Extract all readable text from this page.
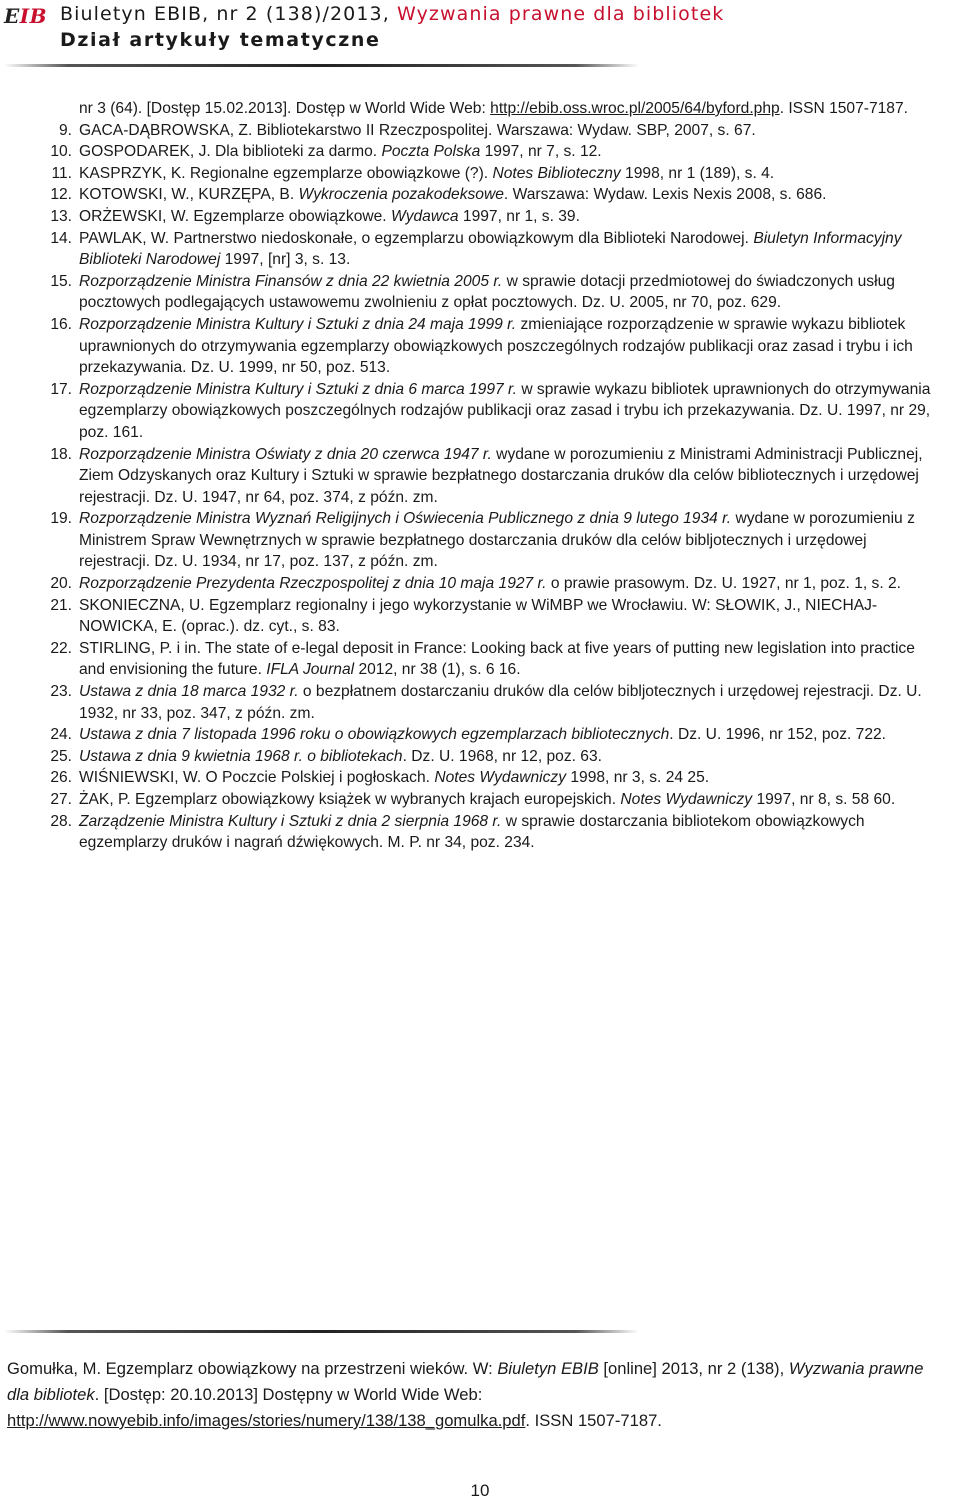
EIB Biuletyn EBIB, nr 2 (138)/2013, Wyzwania prawne dla bibliotek
Dział artykuły tematyczne
nr 3 (64). [Dostęp 15.02.2013]. Dostęp w World Wide Web: http://ebib.oss.wroc.pl/2005/64/byford.php. ISSN 1507-7187.
9. GACA-DĄBROWSKA, Z. Bibliotekarstwo II Rzeczpospolitej. Warszawa: Wydaw. SBP, 2007, s. 67.
10. GOSPODAREK, J. Dla biblioteki za darmo. Poczta Polska 1997, nr 7, s. 12.
11. KASPRZYK, K. Regionalne egzemplarze obowiązkowe (?). Notes Biblioteczny 1998, nr 1 (189), s. 4.
12. KOTOWSKI, W., KURZĘPA, B. Wykroczenia pozakodeksowe. Warszawa: Wydaw. Lexis Nexis 2008, s. 686.
13. ORŻEWSKI, W. Egzemplarze obowiązkowe. Wydawca 1997, nr 1, s. 39.
14. PAWLAK, W. Partnerstwo niedoskonałe, o egzemplarzu obowiązkowym dla Biblioteki Narodowej. Biuletyn Informacyjny Biblioteki Narodowej 1997, [nr] 3, s. 13.
15. Rozporządzenie Ministra Finansów z dnia 22 kwietnia 2005 r. w sprawie dotacji przedmiotowej do świadczonych usług pocztowych podlegających ustawowemu zwolnieniu z opłat pocztowych. Dz. U. 2005, nr 70, poz. 629.
16. Rozporządzenie Ministra Kultury i Sztuki z dnia 24 maja 1999 r. zmieniające rozporządzenie w sprawie wykazu bibliotek uprawnionych do otrzymywania egzemplarzy obowiązkowych poszczególnych rodzajów publikacji oraz zasad i trybu i ich przekazywania. Dz. U. 1999, nr 50, poz. 513.
17. Rozporządzenie Ministra Kultury i Sztuki z dnia 6 marca 1997 r. w sprawie wykazu bibliotek uprawnionych do otrzymywania egzemplarzy obowiązkowych poszczególnych rodzajów publikacji oraz zasad i trybu ich przekazywania. Dz. U. 1997, nr 29, poz. 161.
18. Rozporządzenie Ministra Oświaty z dnia 20 czerwca 1947 r. wydane w porozumieniu z Ministrami Administracji Publicznej, Ziem Odzyskanych oraz Kultury i Sztuki w sprawie bezpłatnego dostarczania druków dla celów bibliotecznych i urzędowej rejestracji. Dz. U. 1947, nr 64, poz. 374, z późn. zm.
19. Rozporządzenie Ministra Wyznań Religijnych i Oświecenia Publicznego z dnia 9 lutego 1934 r. wydane w porozumieniu z Ministrem Spraw Wewnętrznych w sprawie bezpłatnego dostarczania druków dla celów bibljotecznych i urzędowej rejestracji. Dz. U. 1934, nr 17, poz. 137, z późn. zm.
20. Rozporządzenie Prezydenta Rzeczpospolitej z dnia 10 maja 1927 r. o prawie prasowym. Dz. U. 1927, nr 1, poz. 1, s. 2.
21. SKONIECZNA, U. Egzemplarz regionalny i jego wykorzystanie w WiMBP we Wrocławiu. W: SŁOWIK, J., NIECHAJ-NOWICKA, E. (oprac.). dz. cyt., s. 83.
22. STIRLING, P. i in. The state of e-legal deposit in France: Looking back at five years of putting new legislation into practice and envisioning the future. IFLA Journal 2012, nr 38 (1), s. 6 16.
23. Ustawa z dnia 18 marca 1932 r. o bezpłatnem dostarczaniu druków dla celów bibljotecznych i urzędowej rejestracji. Dz. U. 1932, nr 33, poz. 347, z późn. zm.
24. Ustawa z dnia 7 listopada 1996 roku o obowiązkowych egzemplarzach bibliotecznych. Dz. U. 1996, nr 152, poz. 722.
25. Ustawa z dnia 9 kwietnia 1968 r. o bibliotekach. Dz. U. 1968, nr 12, poz. 63.
26. WIŚNIEWSKI, W. O Poczcie Polskiej i pogłoskach. Notes Wydawniczy 1998, nr 3, s. 24 25.
27. ŻAK, P. Egzemplarz obowiązkowy książek w wybranych krajach europejskich. Notes Wydawniczy 1997, nr 8, s. 58 60.
28. Zarządzenie Ministra Kultury i Sztuki z dnia 2 sierpnia 1968 r. w sprawie dostarczania bibliotekom obowiązkowych egzemplarzy druków i nagrań dźwiękowych. M. P. nr 34, poz. 234.
Gomułka, M. Egzemplarz obowiązkowy na przestrzeni wieków. W: Biuletyn EBIB [online] 2013, nr 2 (138), Wyzwania prawne dla bibliotek. [Dostęp: 20.10.2013] Dostępny w World Wide Web: http://www.nowyebib.info/images/stories/numery/138/138_gomulka.pdf. ISSN 1507-7187.
10
